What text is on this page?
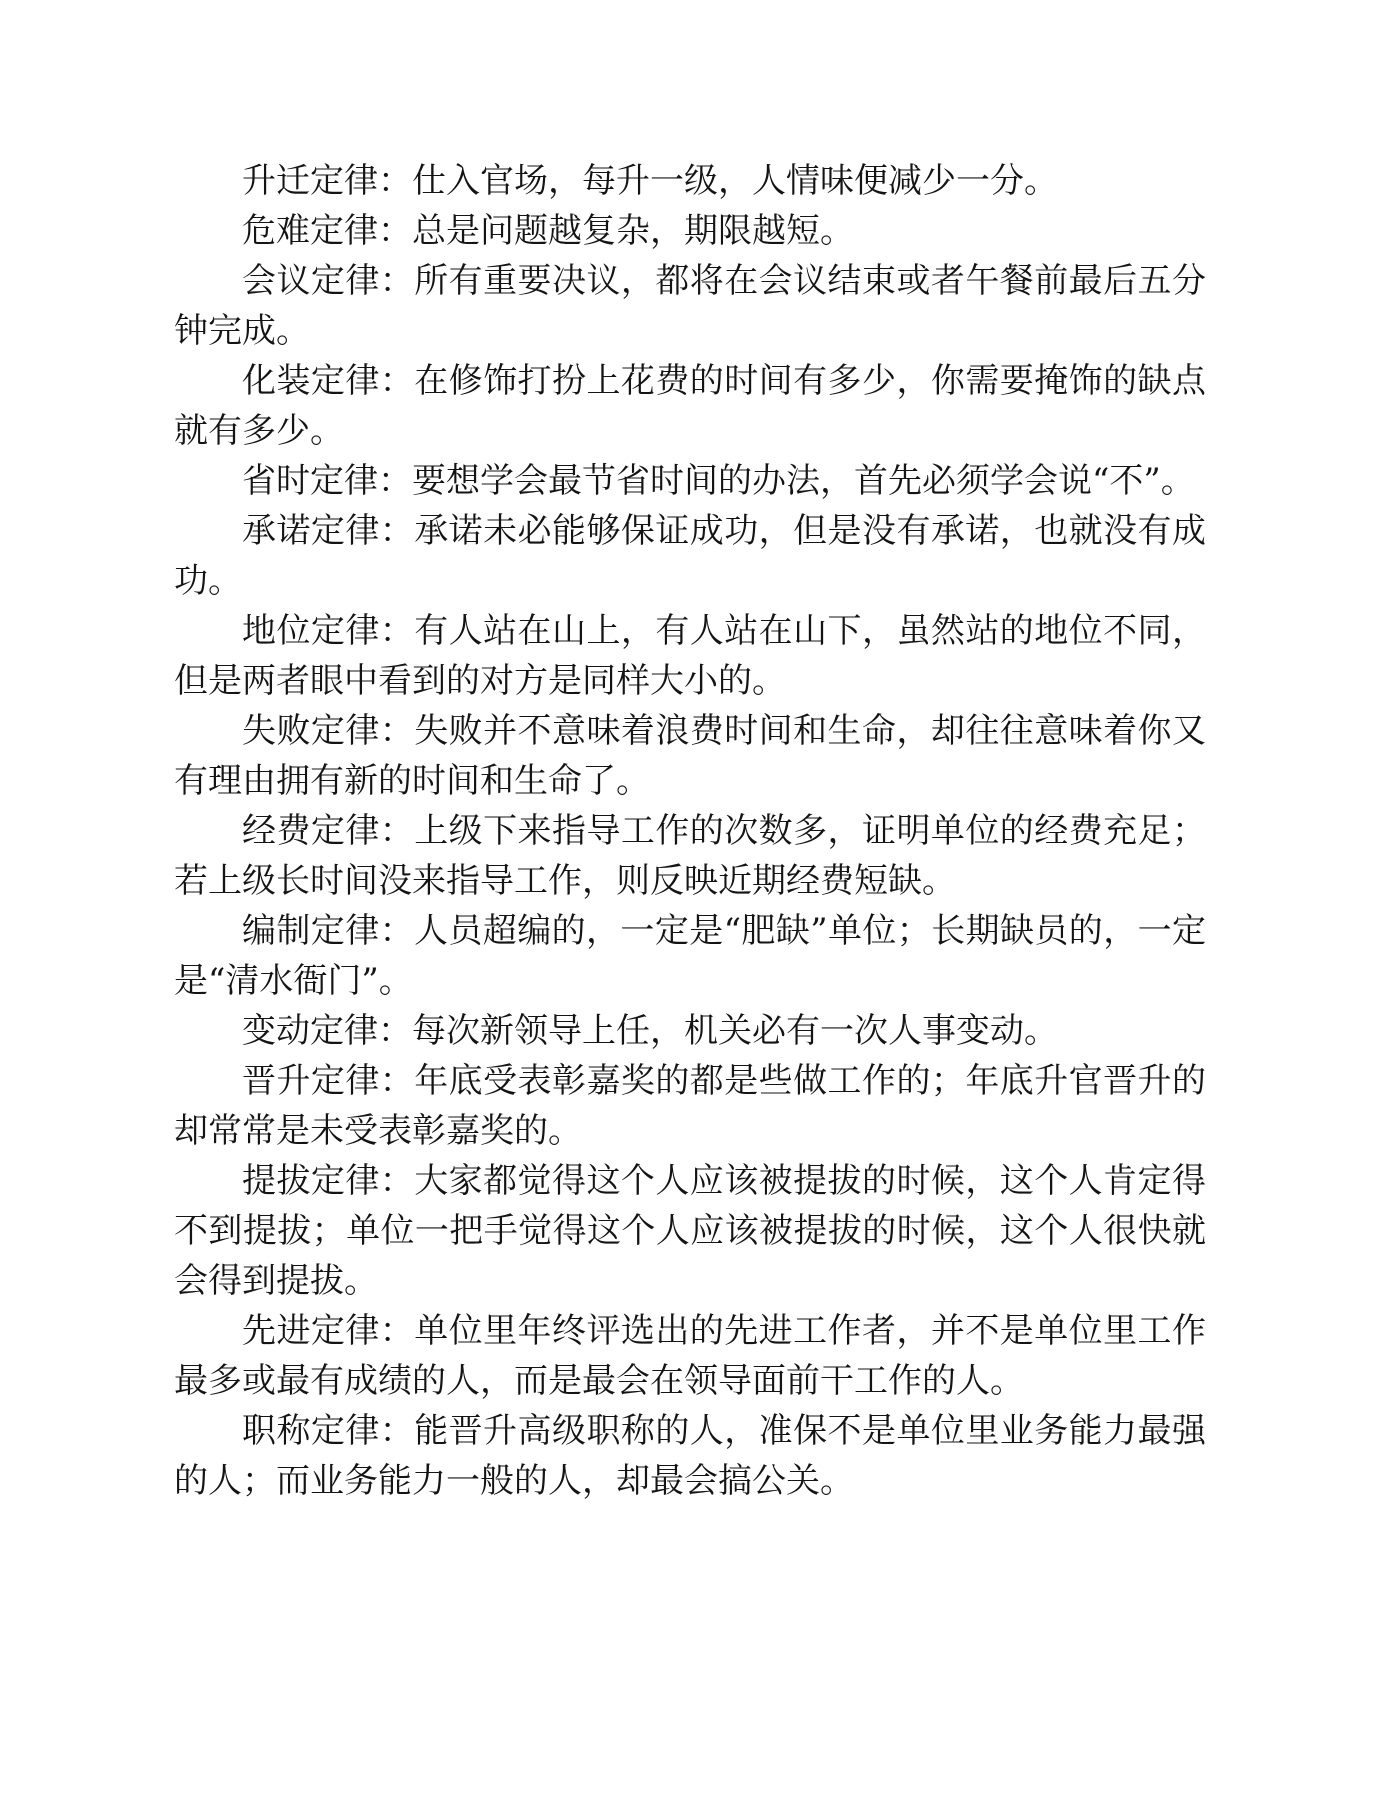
升迁定律：仕入官场，每升一级，人情味便减少一分。

危难定律：总是问题越复杂，期限越短。

会议定律：所有重要决议，都将在会议结束或者午餐前最后五分钟完成。

化装定律：在修饰打扮上花费的时间有多少，你需要掩饰的缺点就有多少。

省时定律：要想学会最节省时间的办法，首先必须学会说“不”。

承诺定律：承诺未必能够保证成功，但是没有承诺，也就没有成功。

地位定律：有人站在山上，有人站在山下，虽然站的地位不同，但是两者眼中看到的对方是同样大小的。

失败定律：失败并不意味着浪费时间和生命，却往往意味着你又有理由拥有新的时间和生命了。

经费定律：上级下来指导工作的次数多，证明单位的经费充足；若上级长时间没来指导工作，则反映近期经费短缺。

编制定律：人员超编的，一定是“肥缺”单位；长期缺员的，一定是“清水衙门”。

变动定律：每次新领导上任，机关必有一次人事变动。

晋升定律：年底受表彰嘉奖的都是些做工作的；年底升官晋升的却常常是未受表彰嘉奖的。

提拔定律：大家都觉得这个人应该被提拔的时候，这个人肯定得不到提拔；单位一把手觉得这个人应该被提拔的时候，这个人很快就会得到提拔。

先进定律：单位里年终评选出的先进工作者，并不是单位里工作最多或最有成绩的人，而是最会在领导面前干工作的人。

职称定律：能晋升高级职称的人，准保不是单位里业务能力最强的人；而业务能力一般的人，却最会搞公关。
